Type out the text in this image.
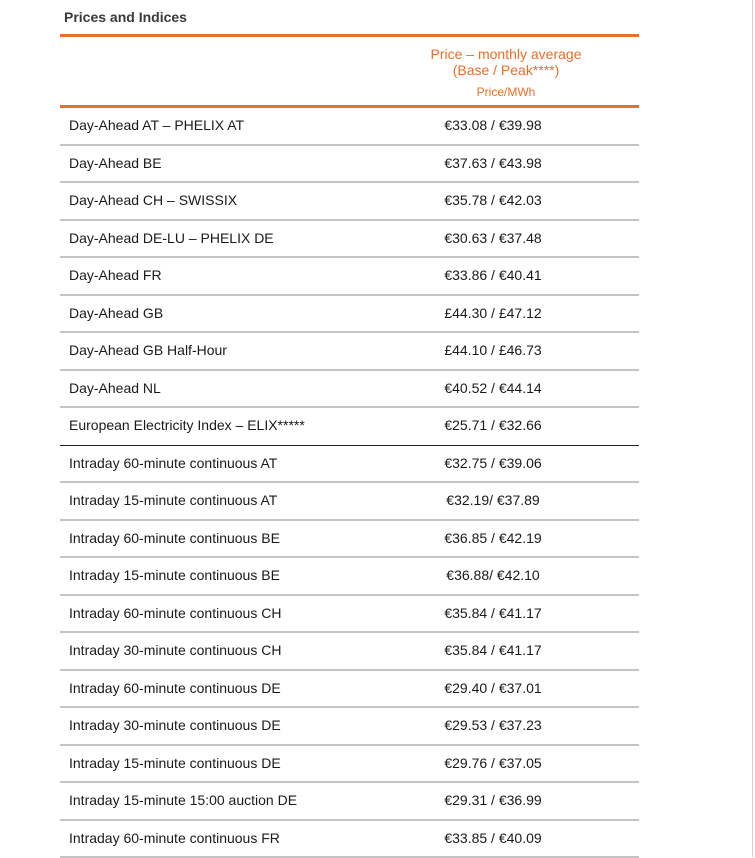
Prices and Indices
Price – monthly average
(Base / Peak****)
Price/MWh
Day-Ahead AT – PHELIX AT	€33.08 / €39.98
Day-Ahead BE	€37.63 / €43.98
Day-Ahead CH – SWISSIX	€35.78 / €42.03
Day-Ahead DE-LU – PHELIX DE	€30.63 / €37.48
Day-Ahead FR	€33.86 / €40.41
Day-Ahead GB	£44.30 / £47.12
Day-Ahead GB Half-Hour	£44.10 / £46.73
Day-Ahead NL	€40.52 / €44.14
European Electricity Index – ELIX*****	€25.71 / €32.66
Intraday 60-minute continuous AT	€32.75 / €39.06
Intraday 15-minute continuous AT	€32.19/ €37.89
Intraday 60-minute continuous BE	€36.85 / €42.19
Intraday 15-minute continuous BE	€36.88/ €42.10
Intraday 60-minute continuous CH	€35.84 / €41.17
Intraday 30-minute continuous CH	€35.84 / €41.17
Intraday 60-minute continuous DE	€29.40 / €37.01
Intraday 30-minute continuous DE	€29.53 / €37.23
Intraday 15-minute continuous DE	€29.76 / €37.05
Intraday 15-minute 15:00 auction DE	€29.31 / €36.99
Intraday 60-minute continuous FR	€33.85 / €40.09
